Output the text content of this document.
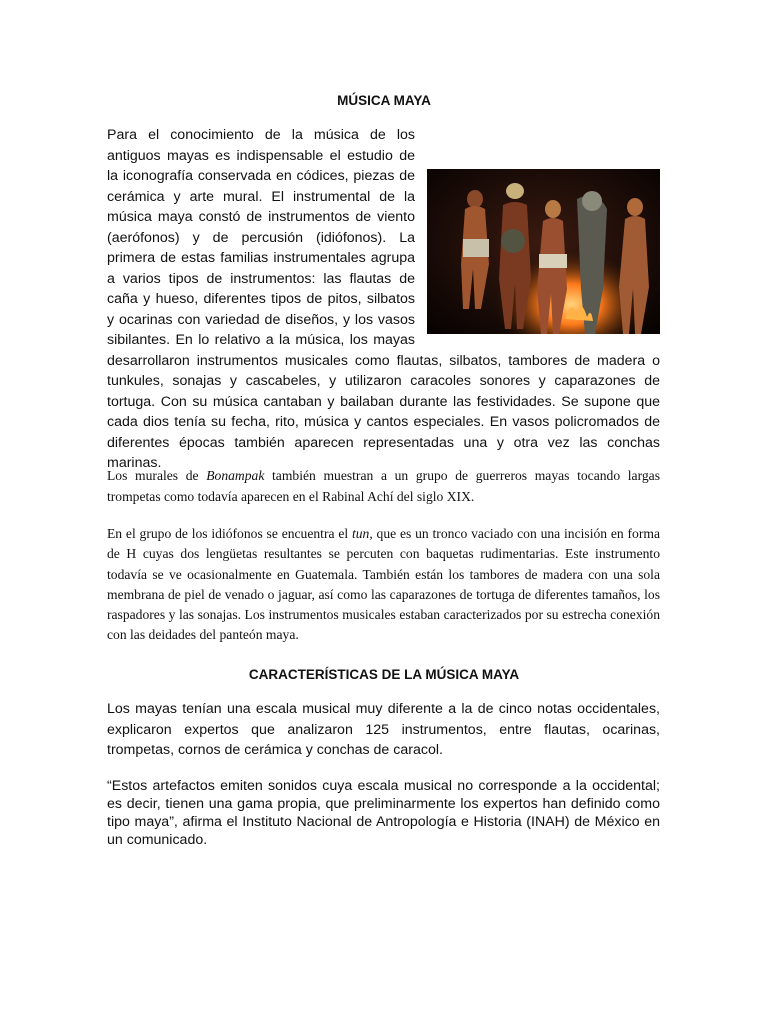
MÚSICA MAYA
Para el conocimiento de la música de los antiguos mayas es indispensable el estudio de la iconografía conservada en códices, piezas de cerámica y arte mural. El instrumental de la música maya constó de instrumentos de viento (aerófonos) y de percusión (idiófonos). La primera de estas familias instrumentales agrupa a varios tipos de instrumentos: las flautas de caña y hueso, diferentes tipos de pitos, silbatos y ocarinas con variedad de diseños, y los vasos sibilantes. En lo relativo a la música, los mayas desarrollaron instrumentos musicales como flautas, silbatos, tambores de madera o tunkules, sonajas y cascabeles, y utilizaron caracoles sonores y caparazones de tortuga. Con su música cantaban y bailaban durante las festividades. Se supone que cada dios tenía su fecha, rito, música y cantos especiales. En vasos policromados de diferentes épocas también aparecen representadas una y otra vez las conchas marinas.

Los murales de Bonampak también muestran a un grupo de guerreros mayas tocando largas trompetas como todavía aparecen en el Rabinal Achí del siglo XIX.

En el grupo de los idiófonos se encuentra el tun, que es un tronco vaciado con una incisión en forma de H cuyas dos lengüetas resultantes se percuten con baquetas rudimentarias. Este instrumento todavía se ve ocasionalmente en Guatemala. También están los tambores de madera con una sola membrana de piel de venado o jaguar, así como las caparazones de tortuga de diferentes tamaños, los raspadores y las sonajas. Los instrumentos musicales estaban caracterizados por su estrecha conexión con las deidades del panteón maya.

CARACTERÍSTICAS DE LA MÚSICA MAYA

Los mayas tenían una escala musical muy diferente a la de cinco notas occidentales, explicaron expertos que analizaron 125 instrumentos, entre flautas, ocarinas, trompetas, cornos de cerámica y conchas de caracol.

“Estos artefactos emiten sonidos cuya escala musical no corresponde a la occidental; es decir, tienen una gama propia, que preliminarmente los expertos han definido como tipo maya”, afirma el Instituto Nacional de Antropología e Historia (INAH) de México en un comunicado.
